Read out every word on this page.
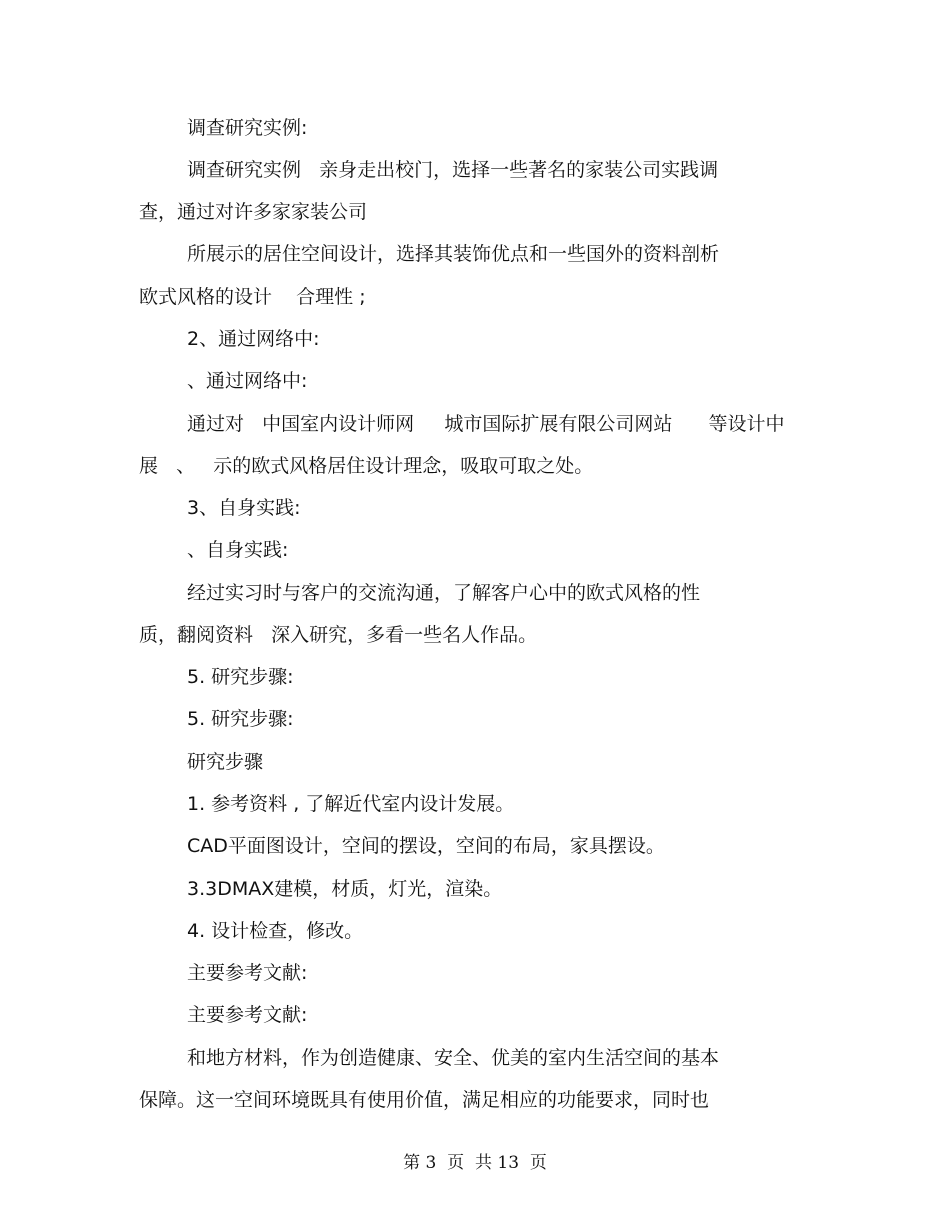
调查研究实例:
调查研究实例   亲身走出校门，选择一些著名的家装公司实践调
查，通过对许多家家装公司
所展示的居住空间设计，选择其装饰优点和一些国外的资料剖析
欧式风格的设计    合理性 ;
2、通过网络中:
、通过网络中:
通过对   中国室内设计师网     城市国际扩展有限公司网站      等设计中
展   、   示的欧式风格居住设计理念，吸取可取之处。
3、自身实践:
、自身实践:
经过实习时与客户的交流沟通，了解客户心中的欧式风格的性
质，翻阅资料   深入研究，多看一些名人作品。
5. 研究步骤:
5. 研究步骤:
研究步骤
1. 参考资料 , 了解近代室内设计发展。
CAD平面图设计，空间的摆设，空间的布局，家具摆设。
3.3DMAX建模，材质，灯光，渲染。
4. 设计检查，修改。
主要参考文献:
主要参考文献:
和地方材料，作为创造健康、安全、优美的室内生活空间的基本
保障。这一空间环境既具有使用价值，满足相应的功能要求，同时也
第 3  页  共 13  页
